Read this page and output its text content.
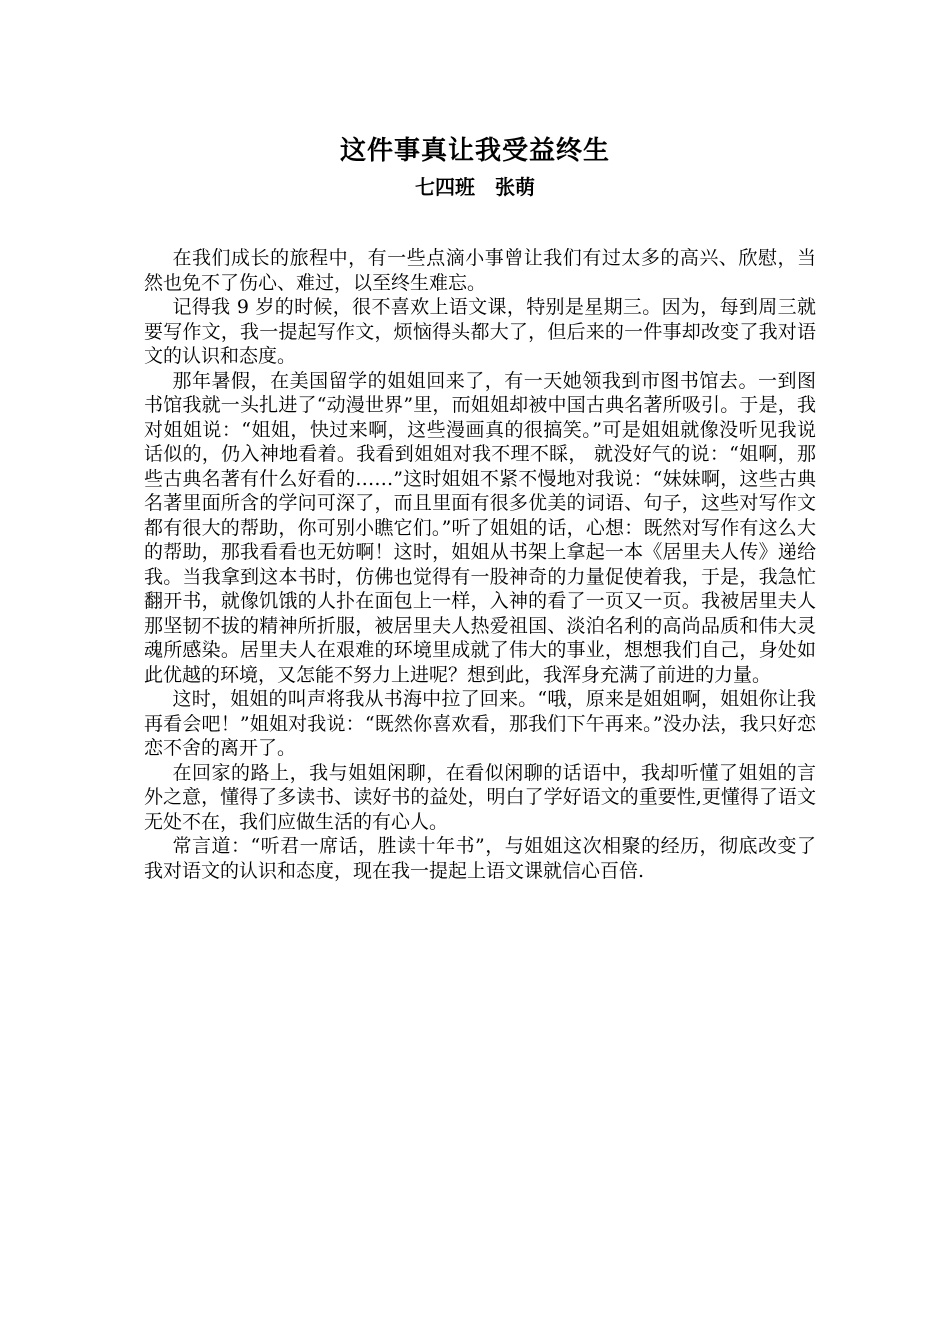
这件事真让我受益终生
七四班　张萌

在我们成长的旅程中，有一些点滴小事曾让我们有过太多的高兴、欣慰，当然也免不了伤心、难过，以至终生难忘。

记得我 9 岁的时候，很不喜欢上语文课，特别是星期三。因为，每到周三就要写作文，我一提起写作文，烦恼得头都大了，但后来的一件事却改变了我对语文的认识和态度。

那年暑假，在美国留学的姐姐回来了，有一天她领我到市图书馆去。一到图书馆我就一头扎进了“动漫世界”里，而姐姐却被中国古典名著所吸引。于是，我对姐姐说：“姐姐，快过来啊，这些漫画真的很搞笑。”可是姐姐就像没听见我说话似的，仍入神地看着。我看到姐姐对我不理不睬， 就没好气的说：“姐啊，那些古典名著有什么好看的……”这时姐姐不紧不慢地对我说：“妹妹啊，这些古典名著里面所含的学问可深了，而且里面有很多优美的词语、句子，这些对写作文都有很大的帮助，你可别小瞧它们。”听了姐姐的话，心想：既然对写作有这么大的帮助，那我看看也无妨啊！这时，姐姐从书架上拿起一本《居里夫人传》递给我。当我拿到这本书时，仿佛也觉得有一股神奇的力量促使着我，于是，我急忙翻开书，就像饥饿的人扑在面包上一样，入神的看了一页又一页。我被居里夫人那坚韧不拔的精神所折服，被居里夫人热爱祖国、淡泊名利的高尚品质和伟大灵魂所感染。居里夫人在艰难的环境里成就了伟大的事业，想想我们自己，身处如此优越的环境，又怎能不努力上进呢？想到此，我浑身充满了前进的力量。

这时，姐姐的叫声将我从书海中拉了回来。“哦，原来是姐姐啊，姐姐你让我再看会吧！”姐姐对我说：“既然你喜欢看，那我们下午再来。”没办法，我只好恋恋不舍的离开了。

在回家的路上，我与姐姐闲聊，在看似闲聊的话语中，我却听懂了姐姐的言外之意，懂得了多读书、读好书的益处，明白了学好语文的重要性,更懂得了语文无处不在，我们应做生活的有心人。

常言道：“听君一席话，胜读十年书”，与姐姐这次相聚的经历，彻底改变了我对语文的认识和态度，现在我一提起上语文课就信心百倍.
